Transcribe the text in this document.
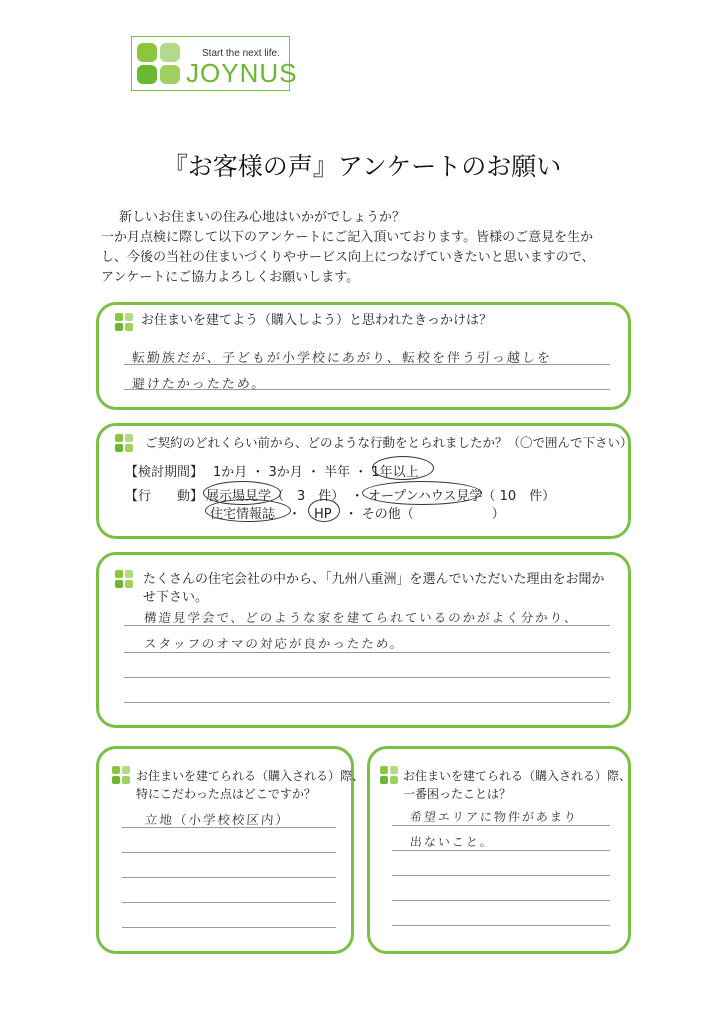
Start the next life.
JOYNUS
『お客様の声』アンケートのお願い

新しいお住まいの住み心地はいかがでしょうか？

一か月点検に際して以下のアンケートにご記入頂いております。皆様のご意見を生か

し、今後の当社の住まいづくりやサービス向上につなげていきたいと思いますので、

アンケートにご協力よろしくお願いします。

お住まいを建てよう（購入しよう）と思われたきっかけは？
転勤族だが、子どもが小学校にあがり、転校を伴う引っ越しを
避けたかったため。
ご契約のどれくらい前から、どのような行動をとられましたか？（〇で囲んで下さい）
【検討期間】 1か月 ・ 3か月 ・ 半年 ・ 1年以上
【行　　動】 展示場見学（　3　件）　・ オープンハウス見学（ 10　件）
住宅情報誌　・　HP　・ その他（　　　　　　）
たくさんの住宅会社の中から、「九州八重洲」を選んでいただいた理由をお聞か
せ下さい。
構造見学会で、どのような家を建てられているのかがよく分かり、
スタッフのオマの対応が良かったため。
お住まいを建てられる（購入される）際、
特にこだわった点はどこですか？
立地（小学校校区内）
お住まいを建てられる（購入される）際、
一番困ったことは？
希望エリアに物件があまり
出ないこと。
